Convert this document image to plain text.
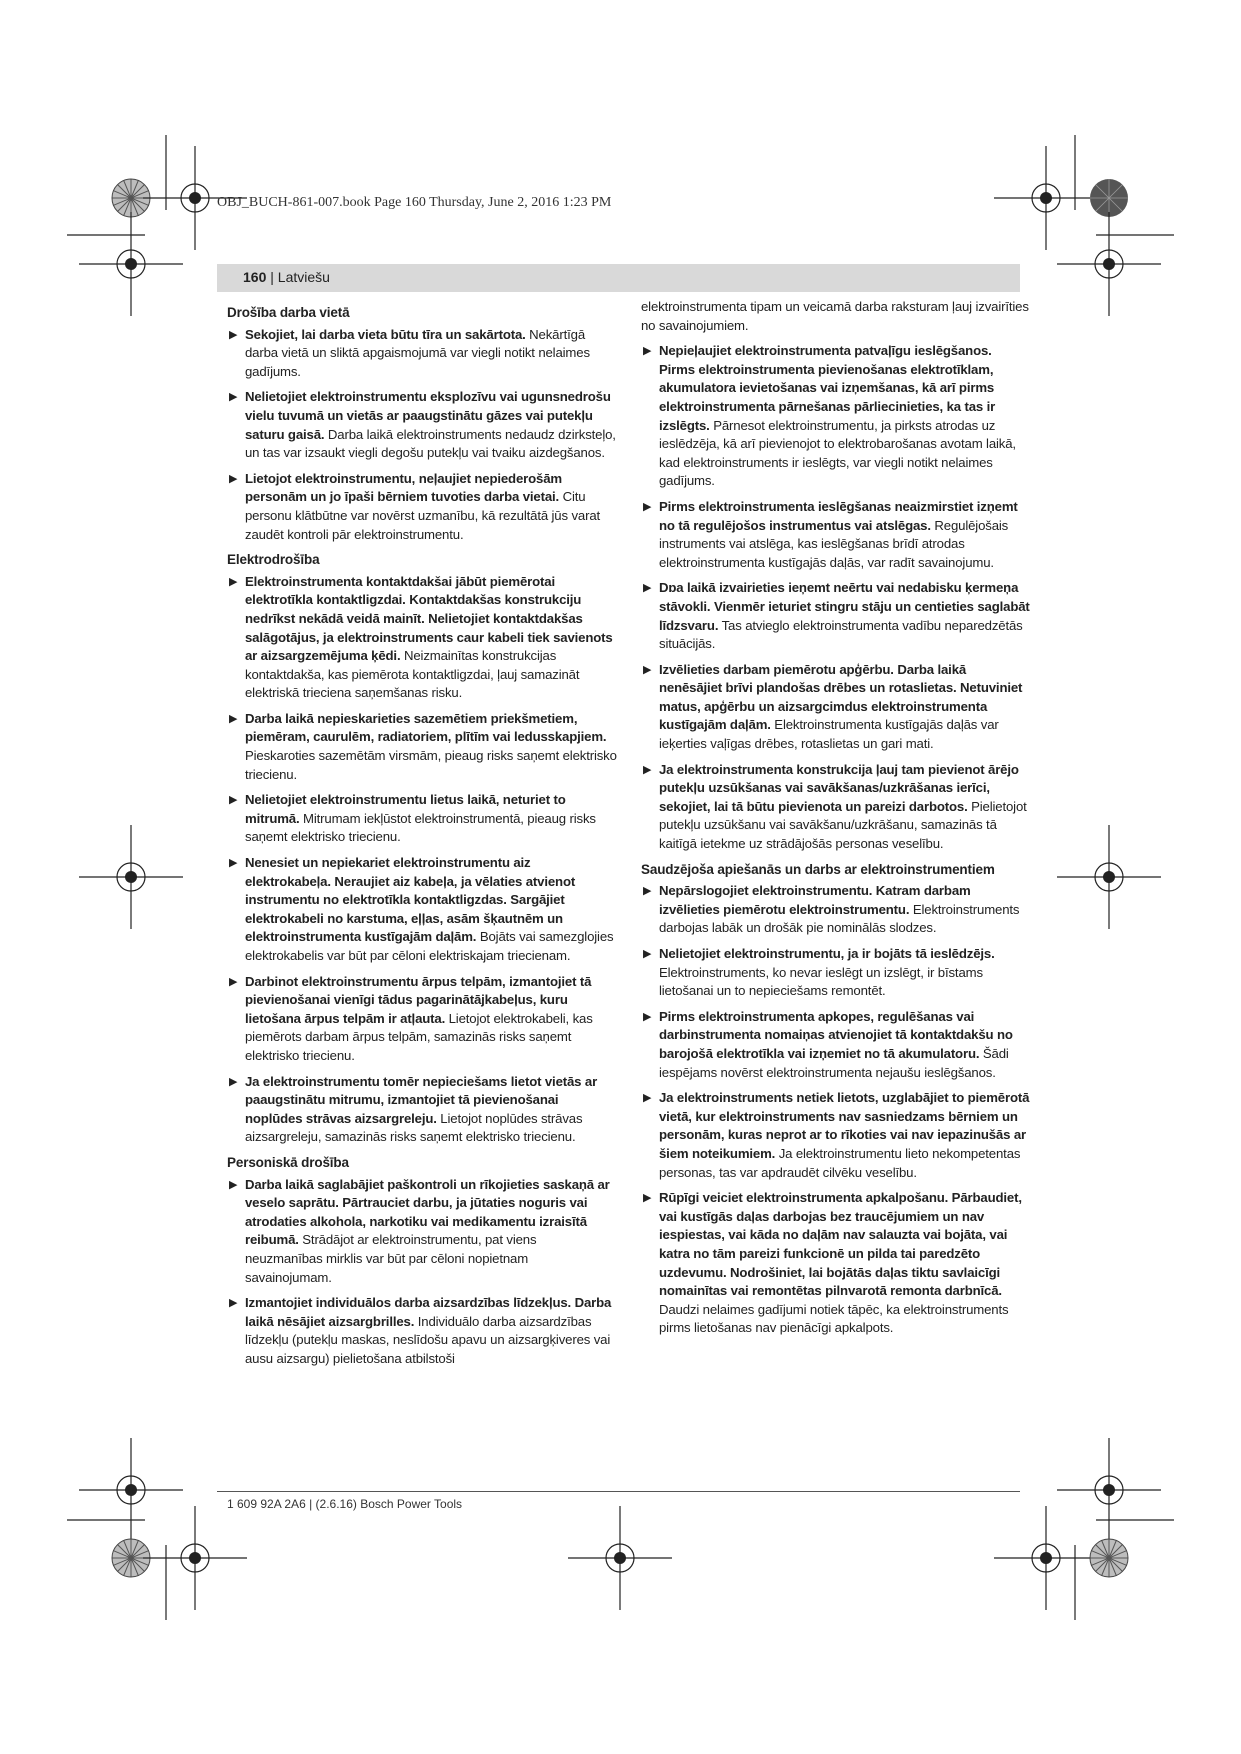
OBJ_BUCH-861-007.book Page 160 Thursday, June 2, 2016 1:23 PM
160 | Latviešu
Drošība darba vietā
▶ Sekojiet, lai darba vieta būtu tīra un sakārtota. Nekārtīgā darba vietā un sliktā apgaismojumā var viegli notikt nelaimes gadījums.
▶ Nelietojiet elektroinstrumentu eksplozīvu vai ugunsnedrošu vielu tuvumā un vietās ar paaugstinātu gāzes vai putekļu saturu gaisā. Darba laikā elektroinstruments nedaudz dzirksteļo, un tas var izsaukt viegli degošu putekļu vai tvaiku aizdegšanos.
▶ Lietojot elektroinstrumentu, neļaujiet nepiederošām personām un jo īpaši bērniem tuvoties darba vietai. Citu personu klātbūtne var novērst uzmanību, kā rezultātā jūs varat zaudēt kontroli pār elektroinstrumentu.
Elektrodrošība
▶ Elektroinstrumenta kontaktdakšai jābūt piemērotai elektrotīkla kontaktligzdai. Kontaktdakšas konstrukciju nedrīkst nekādā veidā mainīt. Nelietojiet kontaktdakšas salāgotājus, ja elektroinstruments caur kabeli tiek savienots ar aizsargzemējuma ķēdi. Neizmainītas konstrukcijas kontaktdakša, kas piemērota kontaktligzdai, ļauj samazināt elektriskā trieciena saņemšanas risku.
▶ Darba laikā nepieskarieties sazemētiem priekšmetiem, piemēram, caurulēm, radiatoriem, plītīm vai ledusskapjiem. Pieskaroties sazemētām virsmām, pieaug risks saņemt elektrisko triecienu.
▶ Nelietojiet elektroinstrumentu lietus laikā, neturiet to mitrumā. Mitrumam iekļūstot elektroinstrumentā, pieaug risks saņemt elektrisko triecienu.
▶ Nenesiet un nepiekariet elektroinstrumentu aiz elektrokabeļa. Neraujiet aiz kabeļa, ja vēlaties atvienot instrumentu no elektrotīkla kontaktligzdas. Sargājiet elektrokabeli no karstuma, eļļas, asām šķautnēm un elektroinstrumenta kustīgajām daļām. Bojāts vai samezglojies elektrokabelis var būt par cēloni elektriskajam triecienam.
▶ Darbinot elektroinstrumentu ārpus telpām, izmantojiet tā pievienošanai vienīgi tādus pagarinātājkabeļus, kuru lietošana ārpus telpām ir atļauta. Lietojot elektrokabeli, kas piemērots darbam ārpus telpām, samazinās risks saņemt elektrisko triecienu.
▶ Ja elektroinstrumentu tomēr nepieciešams lietot vietās ar paaugstinātu mitrumu, izmantojiet tā pievienošanai noplūdes strāvas aizsargreleju. Lietojot noplūdes strāvas aizsargreleju, samazinās risks saņemt elektrisko triecienu.
Personiskā drošība
▶ Darba laikā saglabājiet paškontroli un rīkojieties saskaņā ar veselo saprātu. Pārtrauciet darbu, ja jūtaties noguris vai atrodaties alkohola, narkotiku vai medikamentu izraisītā reibumā. Strādājot ar elektroinstrumentu, pat viens neuzmanības mirklis var būt par cēloni nopietnam savainojumam.
▶ Izmantojiet individuālos darba aizsardzības līdzekļus. Darba laikā nēsājiet aizsargbrilles. Individuālo darba aizsardzības līdzekļu (putekļu maskas, neslīdošu apavu un aizsargķiveres vai ausu aizsargu) pielietošana atbilstoši

elektroinstrumenta tipam un veicamā darba raksturam ļauj izvairīties no savainojumiem.

▶ Nepieļaujiet elektroinstrumenta patvaļīgu ieslēgšanos. Pirms elektroinstrumenta pievienošanas elektrotīklam, akumulatora ievietošanas vai izņemšanas, kā arī pirms elektroinstrumenta pārnešanas pārliecinieties, ka tas ir izslēgts. Pārnesot elektroinstrumentu, ja pirksts atrodas uz ieslēdzēja, kā arī pievienojot to elektrobarošanas avotam laikā, kad elektroinstruments ir ieslēgts, var viegli notikt nelaimes gadījums.
▶ Pirms elektroinstrumenta ieslēgšanas neaizmirstiet izņemt no tā regulējošos instrumentus vai atslēgas. Regulējošais instruments vai atslēga, kas ieslēgšanas brīdī atrodas elektroinstrumenta kustīgajās daļās, var radīt savainojumu.
▶ Dɒa laikā izvairieties ieņemt neērtu vai nedabisku ķermeņa stāvokli. Vienmēr ieturiet stingru stāju un centieties saglabāt līdzsvaru. Tas atvieglo elektroinstrumenta vadību neparedzētās situācijās.
▶ Izvēlieties darbam piemērotu apģērbu. Darba laikā nenēsājiet brīvi plandošas drēbes un rotaslietas. Netuviniet matus, apģērbu un aizsargcimdus elektroinstrumenta kustīgajām daļām. Elektroinstrumenta kustīgajās daļās var ieķerties vaļīgas drēbes, rotaslietas un gari mati.
▶ Ja elektroinstrumenta konstrukcija ļauj tam pievienot ārējo putekļu uzsūkšanas vai savākšanas/uzkrāšanas ierīci, sekojiet, lai tā būtu pievienota un pareizi darbotos. Pielietojot putekļu uzsūkšanu vai savākšanu/uzkrāšanu, samazinās tā kaitīgā ietekme uz strādājošās personas veselību.
Saudzējoša apiešanās un darbs ar elektroinstrumentiem
▶ Nepārslogojiet elektroinstrumentu. Katram darbam izvēlieties piemērotu elektroinstrumentu. Elektroinstruments darbojas labāk un drošāk pie nominālās slodzes.
▶ Nelietojiet elektroinstrumentu, ja ir bojāts tā ieslēdzējs. Elektroinstruments, ko nevar ieslēgt un izslēgt, ir bīstams lietošanai un to nepieciešams remontēt.
▶ Pirms elektroinstrumenta apkopes, regulēšanas vai darbinstrumenta nomaiņas atvienojiet tā kontaktdakšu no barojošā elektrotīkla vai izņemiet no tā akumulatoru. Šādi iespējams novērst elektroinstrumenta nejaušu ieslēgšanos.
▶ Ja elektroinstruments netiek lietots, uzglabājiet to piemērotā vietā, kur elektroinstruments nav sasniedzams bērniem un personām, kuras neprot ar to rīkoties vai nav iepazinušās ar šiem noteikumiem. Ja elektroinstrumentu lieto nekompetentas personas, tas var apdraudēt cilvēku veselību.
▶ Rūpīgi veiciet elektroinstrumenta apkalpošanu. Pārbaudiet, vai kustīgās daļas darbojas bez traucējumiem un nav iespiestas, vai kāda no daļām nav salauzta vai bojāta, vai katra no tām pareizi funkcionē un pilda tai paredzēto uzdevumu. Nodrošiniet, lai bojātās daļas tiktu savlaicīgi nomainītas vai remontētas pilnvarotā remonta darbnīcā. Daudzi nelaimes gadījumi notiek tāpēc, ka elektroinstruments pirms lietošanas nav pienācīgi apkalpots.
1 609 92A 2A6 | (2.6.16) Bosch Power Tools
